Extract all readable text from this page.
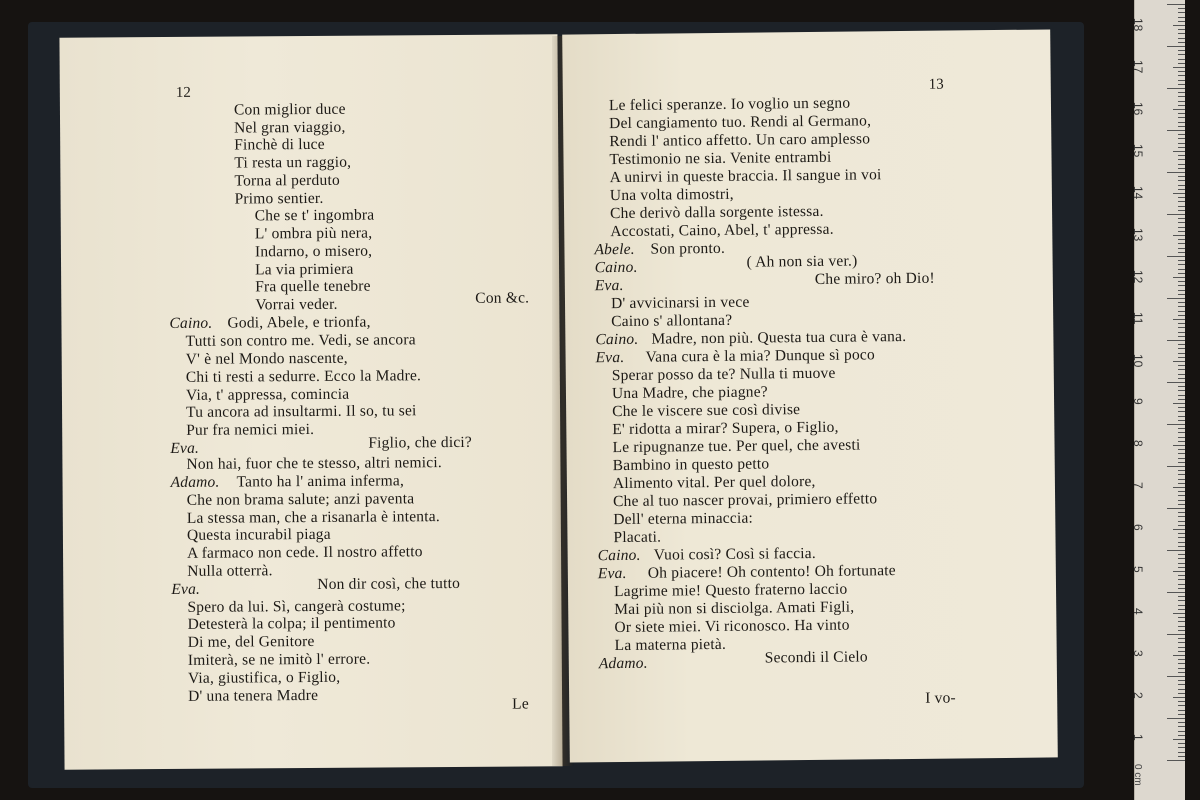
12
Con miglior duce
Nel gran viaggio,
Finchè di luce
Ti resta un raggio,
Torna al perduto
Primo sentier.
Che se t' ingombra
L' ombra più nera,
Indarno, o misero,
La via primiera
Fra quelle tenebre
Vorrai veder.	Con &c.
Caino. Godi, Abele, e trionfa,
Tutti son contro me. Vedi, se ancora
V' è nel Mondo nascente,
Chi ti resti a sedurre. Ecco la Madre.
Via, t' appressa, comincia
Tu ancora ad insultarmi. Il so, tu sei
Pur fra nemici miei.
Eva.	Figlio, che dici?
Non hai, fuor che te stesso, altri nemici.
Adamo. Tanto ha l' anima inferma,
Che non brama salute; anzi paventa
La stessa man, che a risanarla è intenta.
Questa incurabil piaga
A farmaco non cede. Il nostro affetto
Nulla otterrà.
Eva.	Non dir così, che tutto
Spero da lui. Sì, cangerà costume;
Detesterà la colpa; il pentimento
Di me, del Genitore
Imiterà, se ne imitò l' errore.
Via, giustifica, o Figlio,
D' una tenera Madre	Le
13
Le felici speranze. Io voglio un segno
Del cangiamento tuo. Rendi al Germano,
Rendi l' antico affetto. Un caro amplesso
Testimonio ne sia. Venite entrambi
A unirvi in queste braccia. Il sangue in voi
Una volta dimostri,
Che derivò dalla sorgente istessa.
Accostati, Caino, Abel, t' appressa.
Abele. Son pronto.
Caino.	( Ah non sia ver.)
Eva.	Che miro? oh Dio!
D' avvicinarsi in vece
Caino s' allontana?
Caino. Madre, non più. Questa tua cura è vana.
Eva. Vana cura è la mia? Dunque sì poco
Sperar posso da te? Nulla ti muove
Una Madre, che piagne?
Che le viscere sue così divise
E' ridotta a mirar? Supera, o Figlio,
Le ripugnanze tue. Per quel, che avesti
Bambino in questo petto
Alimento vital. Per quel dolore,
Che al tuo nascer provai, primiero effetto
Dell' eterna minaccia:
Placati.
Caino. Vuoi così? Così si faccia.
Eva. Oh piacere! Oh contento! Oh fortunate
Lagrime mie! Questo fraterno laccio
Mai più non si disciolga. Amati Figli,
Or siete miei. Vi riconosco. Ha vinto
La materna pietà.
Adamo.	Secondi il Cielo
I vo-
1
2
3
4
5
6
7
8
9
10
11
12
13
14
15
16
17
18
0 cm
